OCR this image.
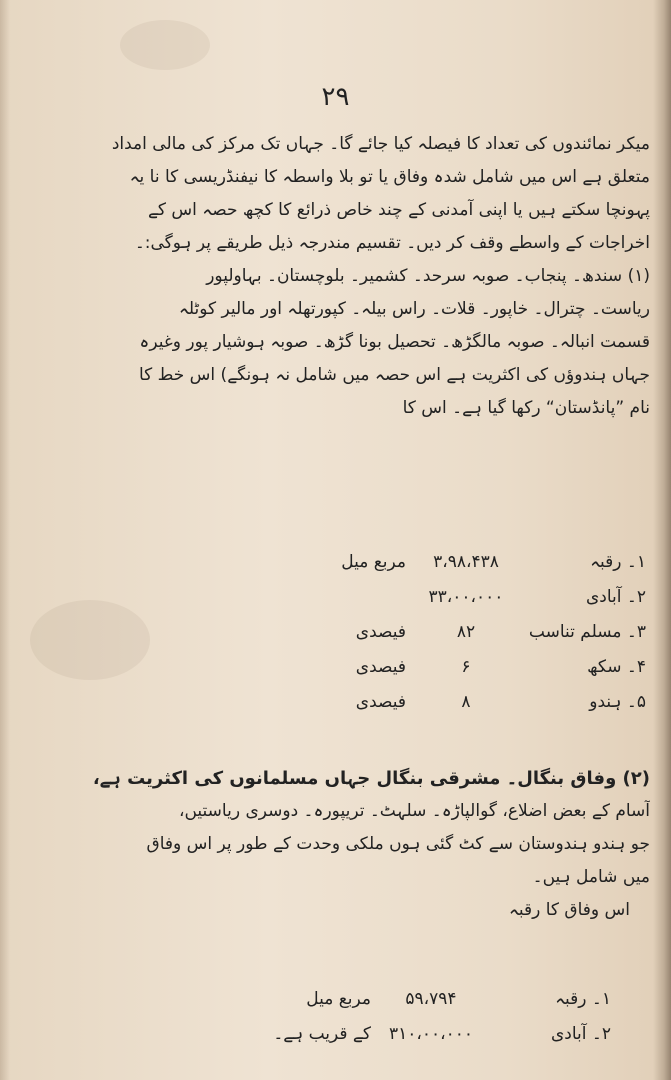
۲۹
میکر نمائندوں کی تعداد کا فیصلہ کیا جائے گا۔ جہاں تک مرکز کی مالی امداد
متعلق ہے اس میں شامل شدہ وفاق یا تو بلا واسطہ کا نیفنڈریسی کا نا یہ
پہونچا سکتے ہیں یا اپنی آمدنی کے چند خاص ذرائع کا کچھ حصہ اس کے
اخراجات کے واسطے وقف کر دیں۔ تقسیم مندرجہ ذیل طریقے پر ہوگی:۔
(۱) سندھ۔ پنجاب۔ صوبہ سرحد۔ کشمیر۔ بلوچستان۔ بہاولپور
ریاست۔ چترال۔ خاپور۔ قلات۔ راس بیلہ۔ کپورتھلہ اور مالیر کوٹلہ
قسمت انبالہ۔ صوبہ مالگڑھ۔ تحصیل بونا گڑھ۔ صوبہ ہوشیار پور وغیرہ
جہاں ہندوؤں کی اکثریت ہے اس حصہ میں شامل نہ ہونگے) اس خط کا
نام ”پانڈستان“ رکھا گیا ہے۔ اس کا
۱۔ رقبہ
۳،۹۸،۴۳۸
مربع میل
۲۔ آبادی
۳۳،۰۰،۰۰۰
۳۔ مسلم تناسب
۸۲
فیصدی
۴۔ سکھ
۶
فیصدی
۵۔ ہندو
۸
فیصدی
(۲) وفاق بنگال۔ مشرقی بنگال جہاں مسلمانوں کی اکثریت ہے،
آسام کے بعض اضلاع، گوالپاڑہ۔ سلہٹ۔ تریپورہ۔ دوسری ریاستیں،
جو ہندو ہندوستان سے کٹ گئی ہوں ملکی وحدت کے طور پر اس وفاق
میں شامل ہیں۔
اس وفاق کا رقبہ
۱۔ رقبہ
۵۹،۷۹۴
مربع میل
۲۔ آبادی
۳۱۰،۰۰،۰۰۰
کے قریب ہے۔
